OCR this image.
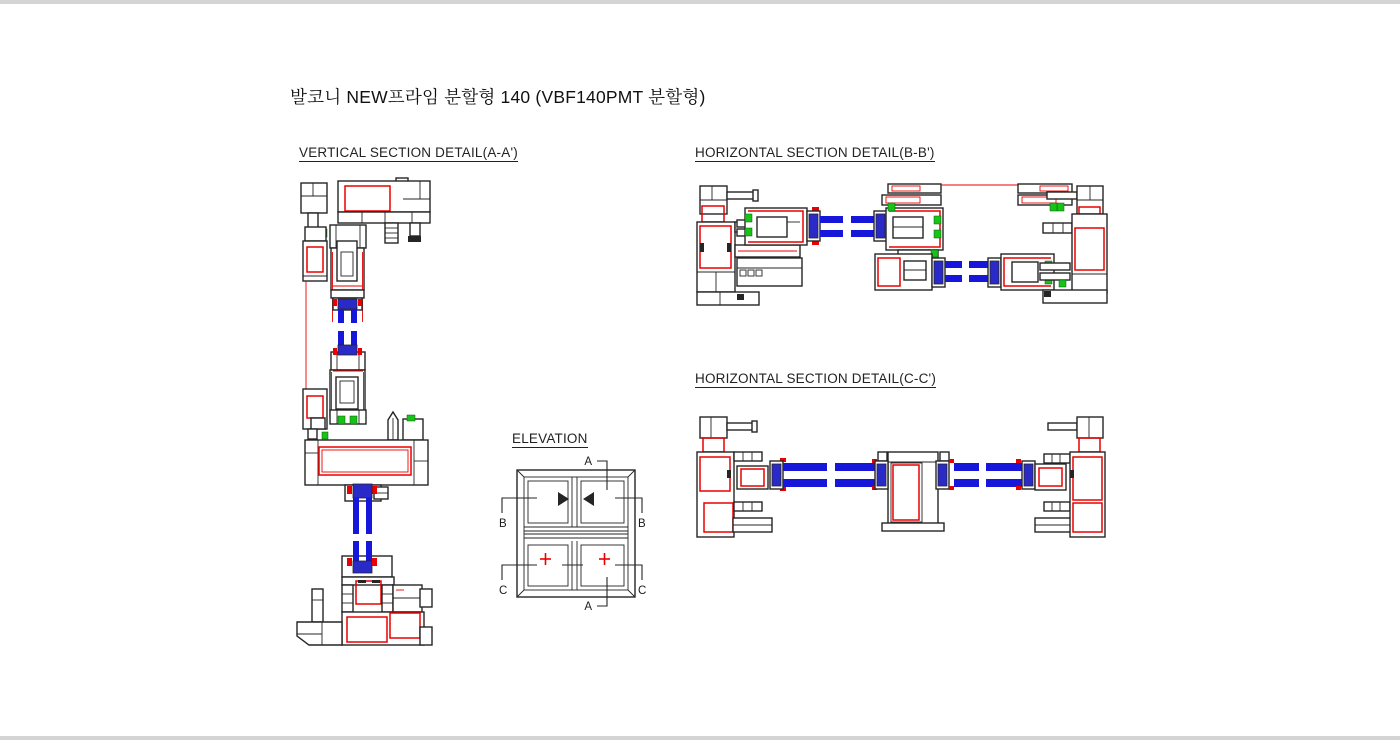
발코니 NEW프라임 분할형 140 (VBF140PMT 분할형)
VERTICAL SECTION DETAIL(A-A')	HORIZONTAL SECTION DETAIL(B-B')
HORIZONTAL SECTION DETAIL(C-C')
ELEVATION
A
A
B	B
C	C
